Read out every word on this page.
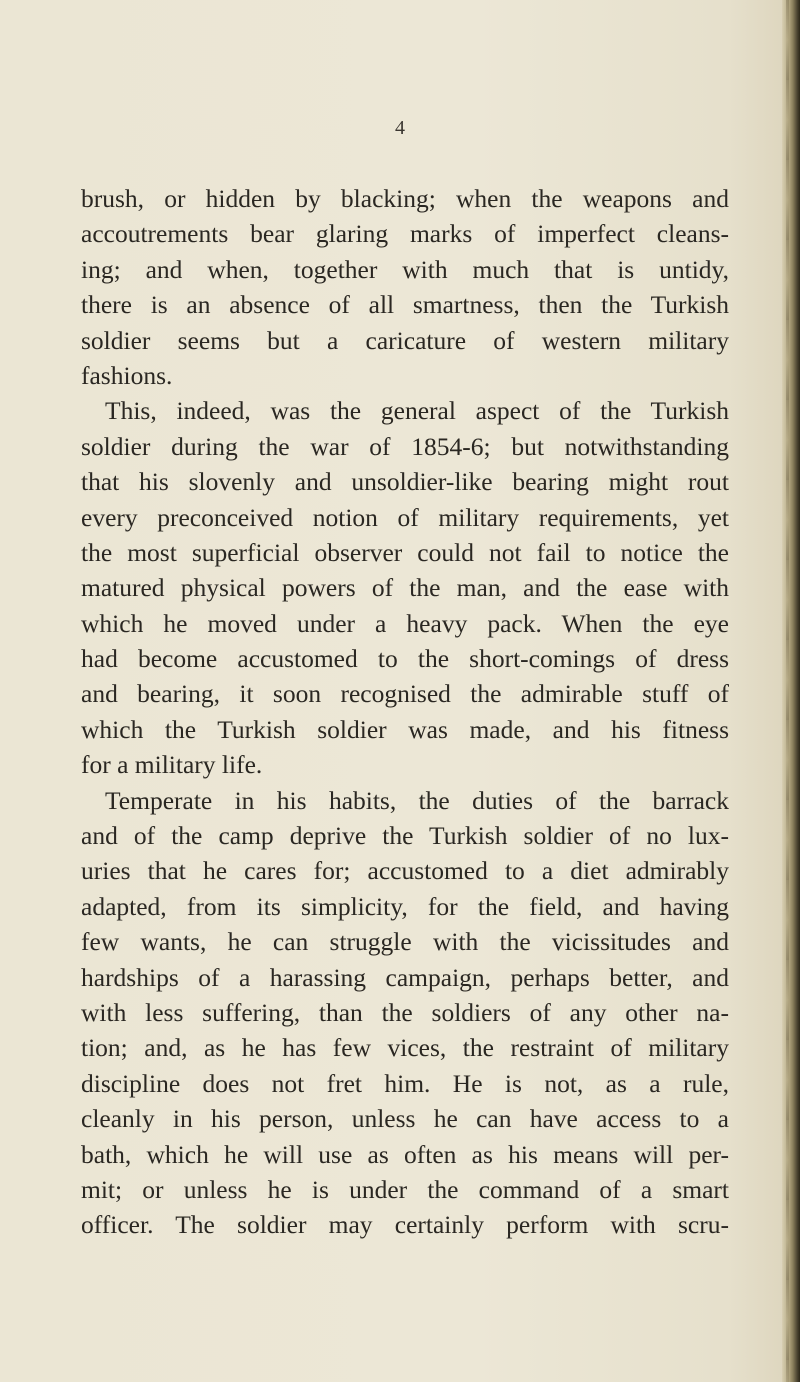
4
brush, or hidden by blacking; when the weapons and
accoutrements bear glaring marks of imperfect cleans-
ing; and when, together with much that is untidy,
there is an absence of all smartness, then the Turkish
soldier seems but a caricature of western military
fashions.
This, indeed, was the general aspect of the Turkish
soldier during the war of 1854-6; but notwithstanding
that his slovenly and unsoldier-like bearing might rout
every preconceived notion of military requirements, yet
the most superficial observer could not fail to notice the
matured physical powers of the man, and the ease with
which he moved under a heavy pack. When the eye
had become accustomed to the short-comings of dress
and bearing, it soon recognised the admirable stuff of
which the Turkish soldier was made, and his fitness
for a military life.
Temperate in his habits, the duties of the barrack
and of the camp deprive the Turkish soldier of no lux-
uries that he cares for; accustomed to a diet admirably
adapted, from its simplicity, for the field, and having
few wants, he can struggle with the vicissitudes and
hardships of a harassing campaign, perhaps better, and
with less suffering, than the soldiers of any other na-
tion; and, as he has few vices, the restraint of military
discipline does not fret him. He is not, as a rule,
cleanly in his person, unless he can have access to a
bath, which he will use as often as his means will per-
mit; or unless he is under the command of a smart
officer. The soldier may certainly perform with scru-
